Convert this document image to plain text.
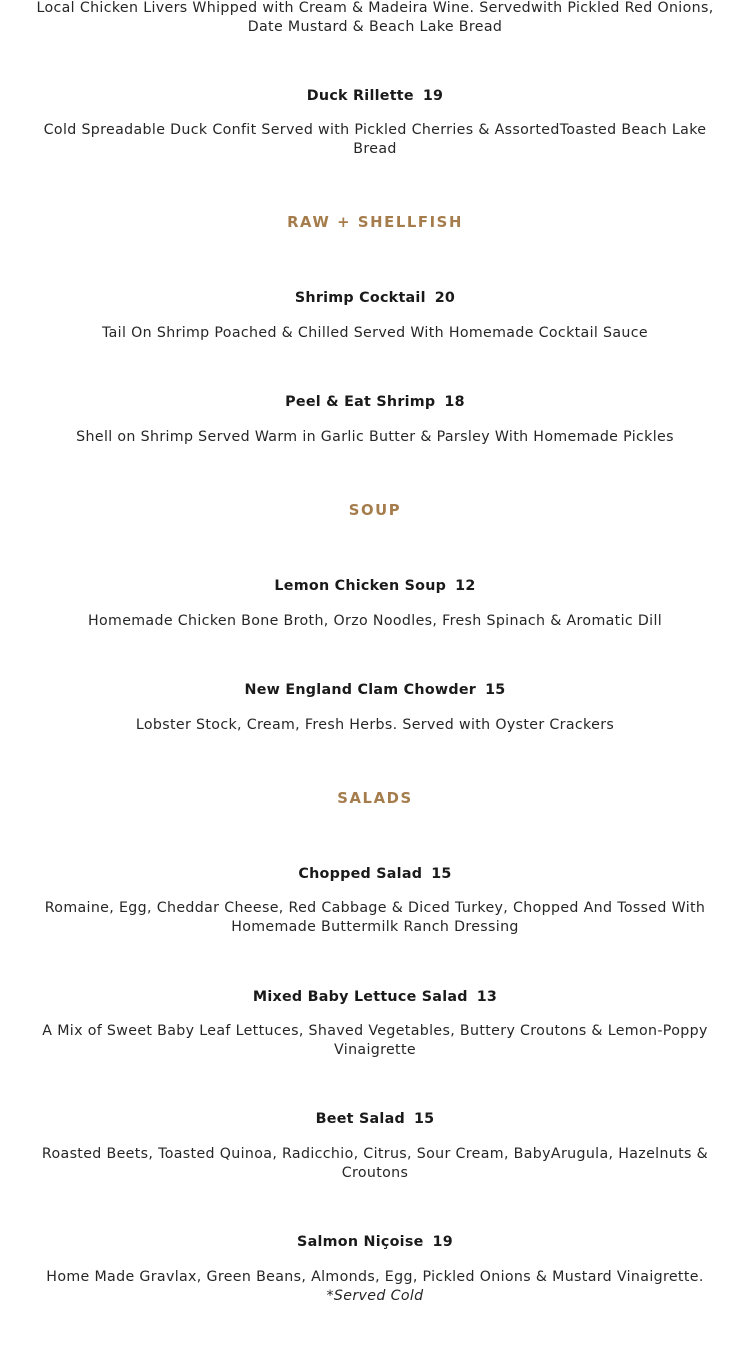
Local Chicken Livers Whipped with Cream & Madeira Wine. Servedwith Pickled Red Onions,
Date Mustard & Beach Lake Bread
Duck Rillette 19
Cold Spreadable Duck Confit Served with Pickled Cherries & AssortedToasted Beach Lake
Bread
RAW + SHELLFISH
Shrimp Cocktail 20
Tail On Shrimp Poached & Chilled Served With Homemade Cocktail Sauce
Peel & Eat Shrimp 18
Shell on Shrimp Served Warm in Garlic Butter & Parsley With Homemade Pickles
SOUP
Lemon Chicken Soup 12
Homemade Chicken Bone Broth, Orzo Noodles, Fresh Spinach & Aromatic Dill
New England Clam Chowder 15
Lobster Stock, Cream, Fresh Herbs. Served with Oyster Crackers
SALADS
Chopped Salad 15
Romaine, Egg, Cheddar Cheese, Red Cabbage & Diced Turkey, Chopped And Tossed With
Homemade Buttermilk Ranch Dressing
Mixed Baby Lettuce Salad 13
A Mix of Sweet Baby Leaf Lettuces, Shaved Vegetables, Buttery Croutons & Lemon-Poppy
Vinaigrette
Beet Salad 15
Roasted Beets, Toasted Quinoa, Radicchio, Citrus, Sour Cream, BabyArugula, Hazelnuts &
Croutons
Salmon Niçoise 19
Home Made Gravlax, Green Beans, Almonds, Egg, Pickled Onions & Mustard Vinaigrette.
*Served Cold
